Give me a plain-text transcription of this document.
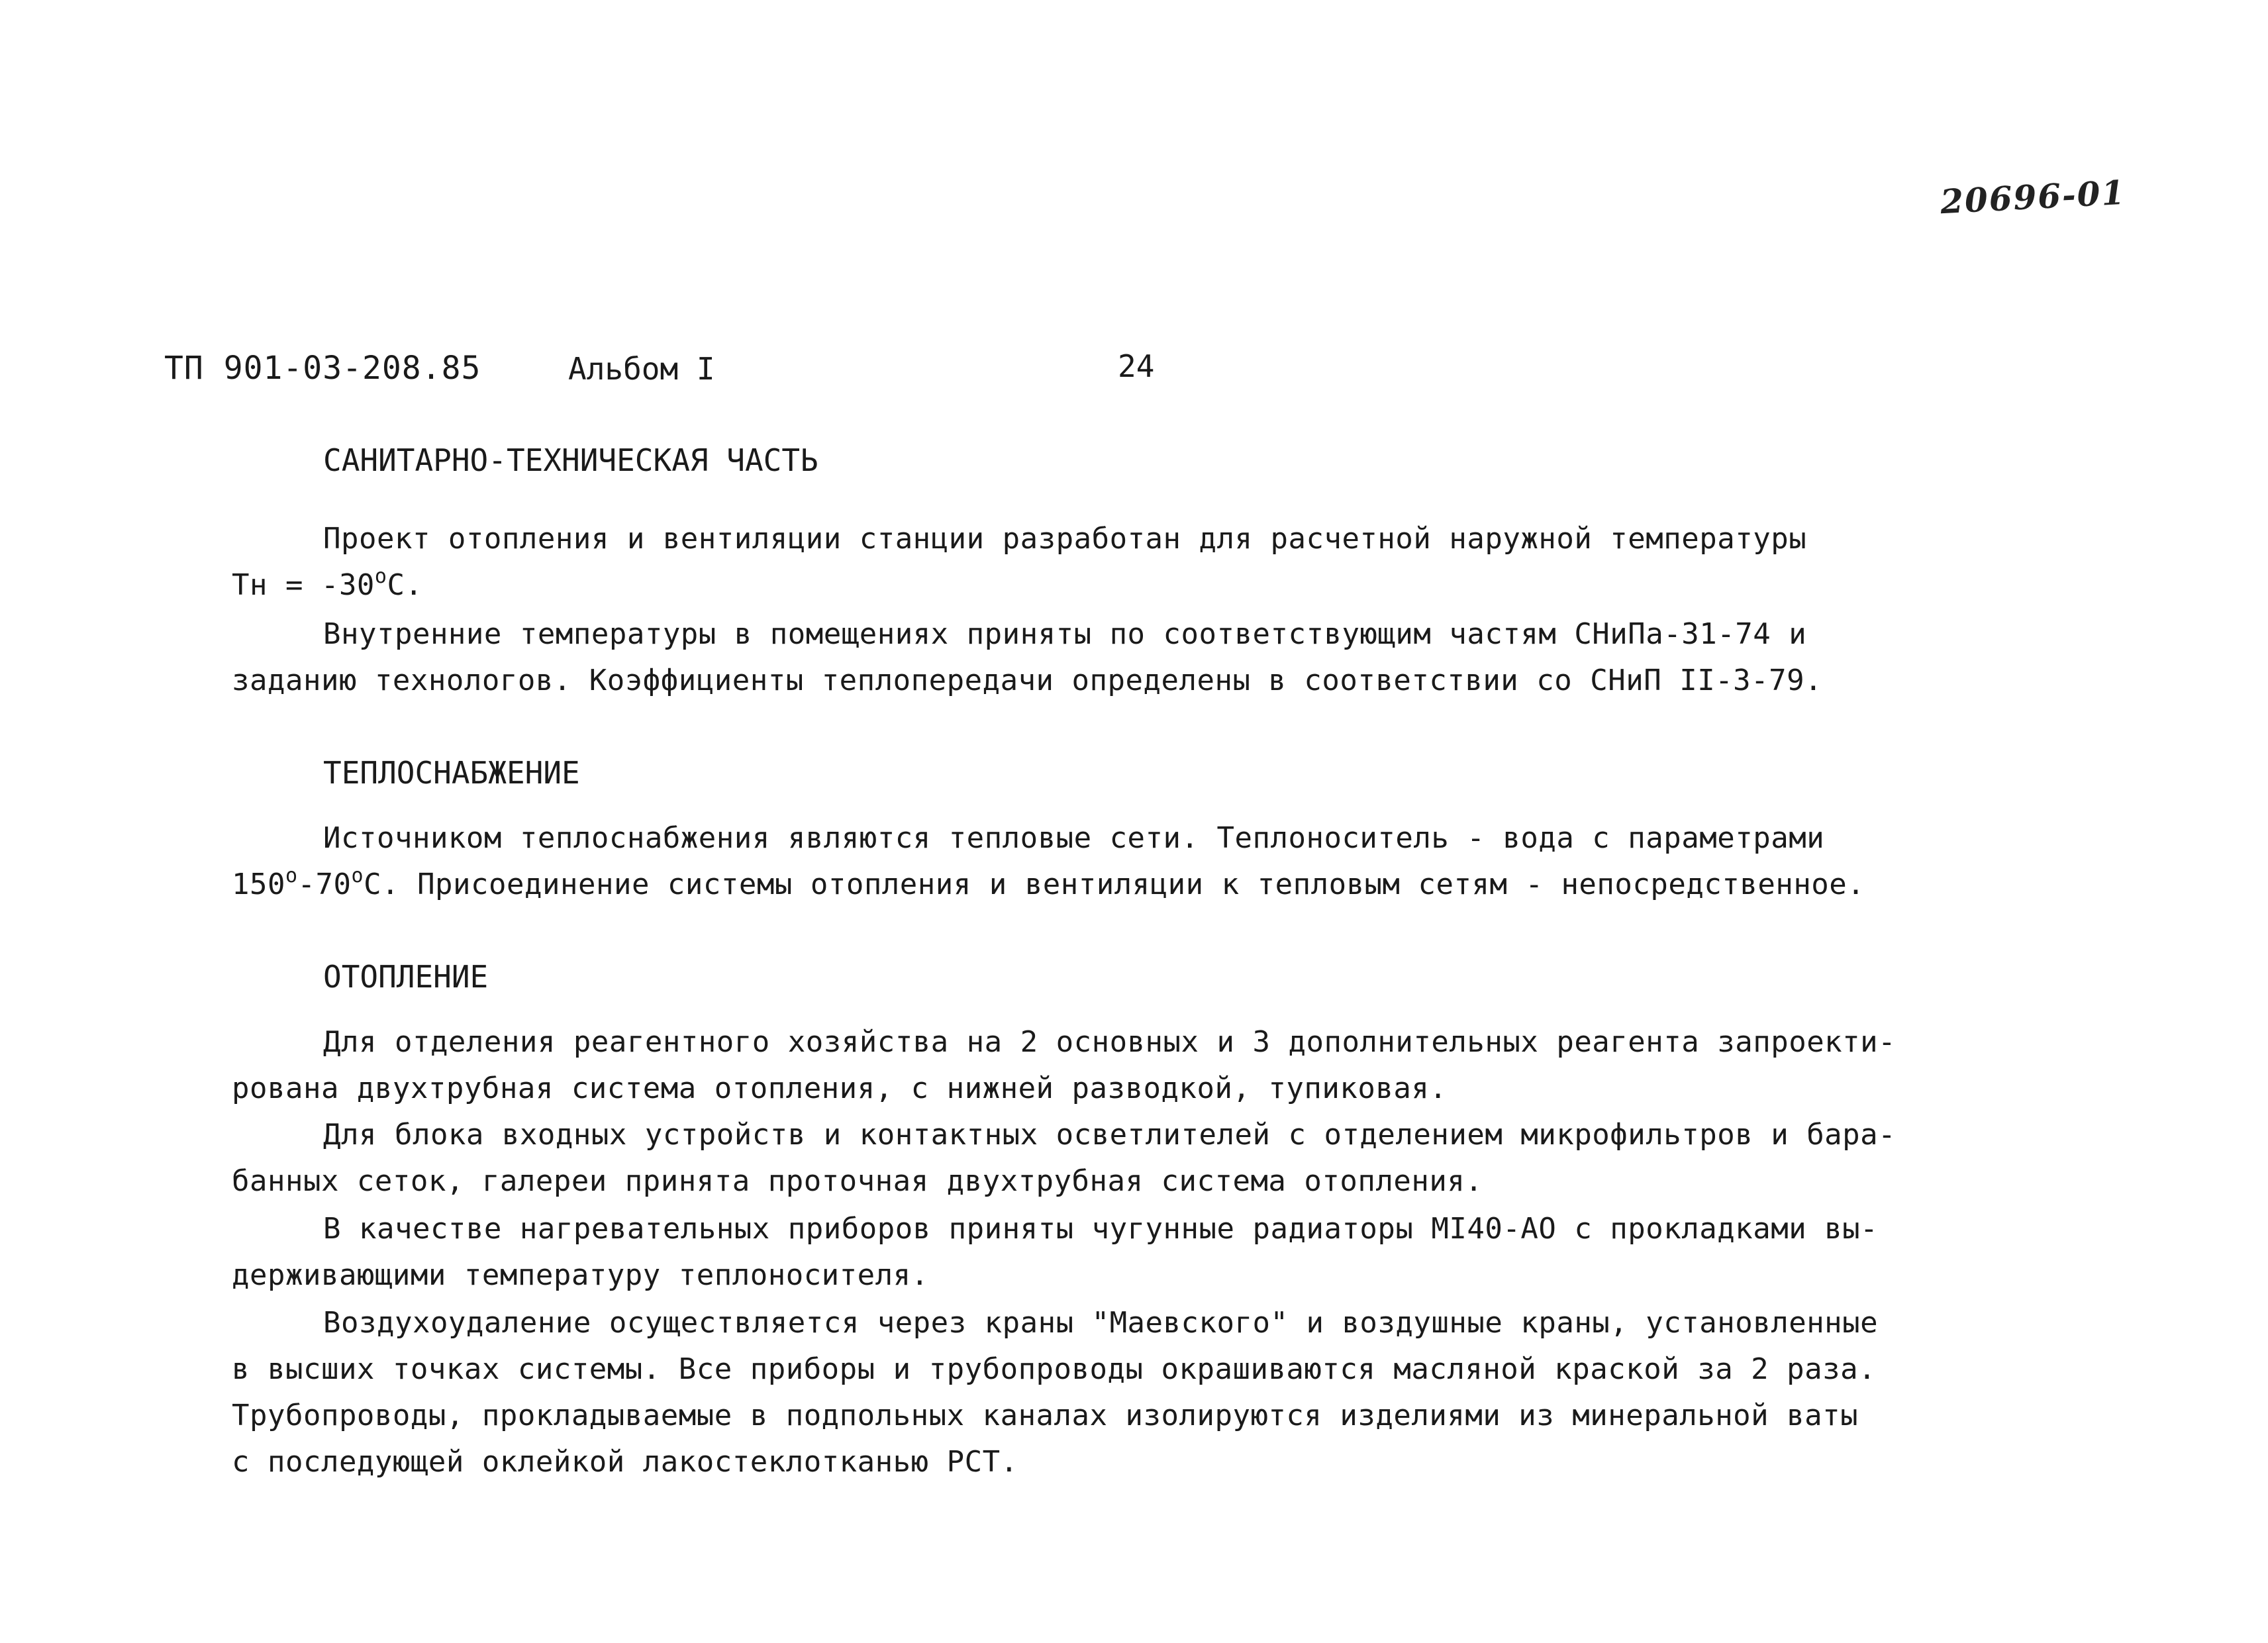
20696-01
ТП 901-03-208.85	Альбом I	24
САНИТАРНО-ТЕХНИЧЕСКАЯ ЧАСТЬ
Проект отопления и вентиляции станции разработан для расчетной наружной температуры
Тн = $-30^оС$.
Внутренние температуры в помещениях приняты по соответствующим частям СНиПа-31-74 и
заданию технологов. Коэффициенты теплопередачи определены в соответствии со СНиП II-3-79.
ТЕПЛОСНАБЖЕНИЕ
Источником теплоснабжения являются тепловые сети. Теплоноситель - вода с параметрами
$150^о-70^оС$. Присоединение системы отопления и вентиляции к тепловым сетям - непосредственное.
ОТОПЛЕНИЕ
Для отделения реагентного хозяйства на 2 основных и 3 дополнительных реагента запроекти-
рована двухтрубная система отопления, с нижней разводкой, тупиковая.
Для блока входных устройств и контактных осветлителей с отделением микрофильтров и бара-
банных сеток, галереи принята проточная двухтрубная система отопления.
В качестве нагревательных приборов приняты чугунные радиаторы МI40-АО с прокладками вы-
держивающими температуру теплоносителя.
Воздухоудаление осуществляется через краны "Маевского" и воздушные краны, установленные
в высших точках системы. Все приборы и трубопроводы окрашиваются масляной краской за 2 раза.
Трубопроводы, прокладываемые в подпольных каналах изолируются изделиями из минеральной ваты
с последующей оклейкой лакостеклотканью РСТ.
